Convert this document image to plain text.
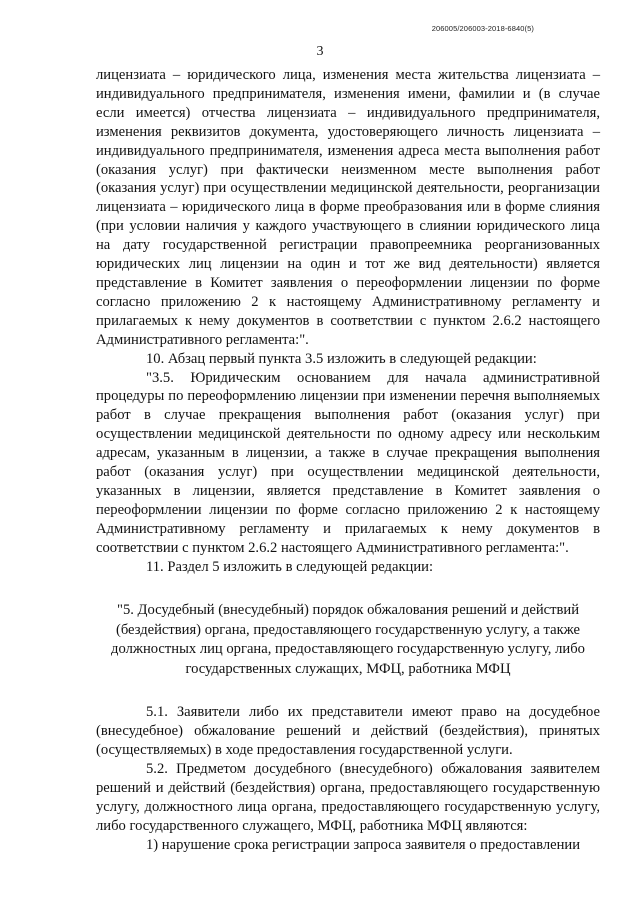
206005/206003-2018-6840(5)
3

лицензиата – юридического лица, изменения места жительства лицензиата – индивидуального предпринимателя, изменения имени, фамилии и (в случае если имеется) отчества лицензиата – индивидуального предпринимателя, изменения реквизитов документа, удостоверяющего личность лицензиата – индивидуального предпринимателя, изменения адреса места выполнения работ (оказания услуг) при фактически неизменном месте выполнения работ (оказания услуг) при осуществлении медицинской деятельности, реорганизации лицензиата – юридического лица в форме преобразования или в форме слияния (при условии наличия у каждого участвующего в слиянии юридического лица на дату государственной регистрации правопреемника реорганизованных юридических лиц лицензии на один и тот же вид деятельности) является представление в Комитет заявления о переоформлении лицензии по форме согласно приложению 2 к настоящему Административному регламенту и прилагаемых к нему документов в соответствии с пунктом 2.6.2 настоящего Административного регламента:".

10. Абзац первый пункта 3.5 изложить в следующей редакции:

"3.5. Юридическим основанием для начала административной процедуры по переоформлению лицензии при изменении перечня выполняемых работ в случае прекращения выполнения работ (оказания услуг) при осуществлении медицинской деятельности по одному адресу или нескольким адресам, указанным в лицензии, а также в случае прекращения выполнения работ (оказания услуг) при осуществлении медицинской деятельности, указанных в лицензии, является представление в Комитет заявления о переоформлении лицензии по форме согласно приложению 2 к настоящему Административному регламенту и прилагаемых к нему документов в соответствии с пунктом 2.6.2 настоящего Административного регламента:".

11. Раздел 5 изложить в следующей редакции:

"5. Досудебный (внесудебный) порядок обжалования решений и действий (бездействия) органа, предоставляющего государственную услугу, а также должностных лиц органа, предоставляющего государственную услугу, либо государственных служащих, МФЦ, работника МФЦ

5.1. Заявители либо их представители имеют право на досудебное (внесудебное) обжалование решений и действий (бездействия), принятых (осуществляемых) в ходе предоставления государственной услуги.

5.2. Предметом досудебного (внесудебного) обжалования заявителем решений и действий (бездействия) органа, предоставляющего государственную услугу, должностного лица органа, предоставляющего государственную услугу, либо государственного служащего, МФЦ, работника МФЦ являются:

1) нарушение срока регистрации запроса заявителя о предоставлении
